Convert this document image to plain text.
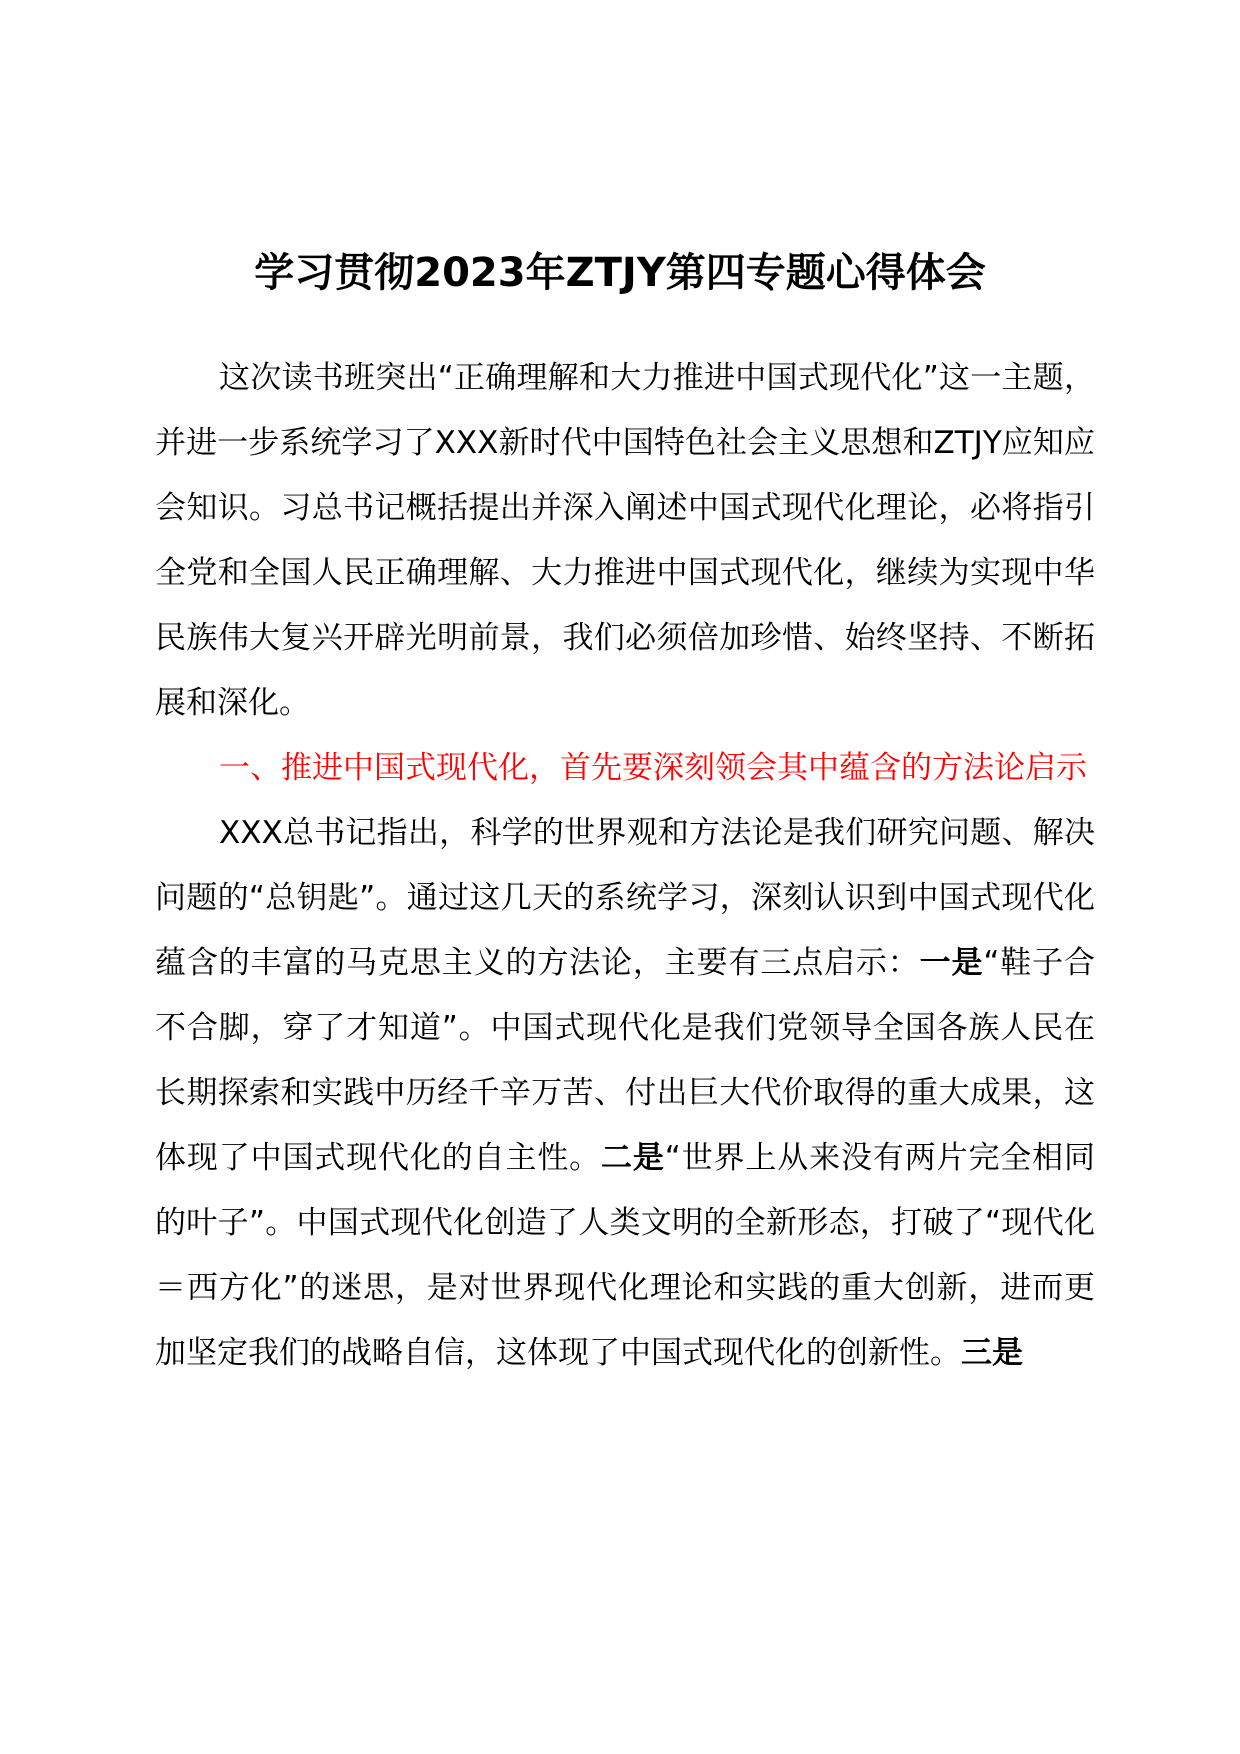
学习贯彻2023年ZTJY第四专题心得体会

这次读书班突出“正确理解和大力推进中国式现代化”这一主题，并进一步系统学习了XXX新时代中国特色社会主义思想和ZTJY应知应会知识。习总书记概括提出并深入阐述中国式现代化理论，必将指引全党和全国人民正确理解、大力推进中国式现代化，继续为实现中华民族伟大复兴开辟光明前景，我们必须倍加珍惜、始终坚持、不断拓展和深化。

一、推进中国式现代化，首先要深刻领会其中蕴含的方法论启示

XXX总书记指出，科学的世界观和方法论是我们研究问题、解决问题的“总钥匙”。通过这几天的系统学习，深刻认识到中国式现代化蕴含的丰富的马克思主义的方法论，主要有三点启示：一是“鞋子合不合脚，穿了才知道”。中国式现代化是我们党领导全国各族人民在长期探索和实践中历经千辛万苦、付出巨大代价取得的重大成果，这体现了中国式现代化的自主性。二是“世界上从来没有两片完全相同的叶子”。中国式现代化创造了人类文明的全新形态，打破了“现代化＝西方化”的迷思，是对世界现代化理论和实践的重大创新，进而更加坚定我们的战略自信，这体现了中国式现代化的创新性。三是
